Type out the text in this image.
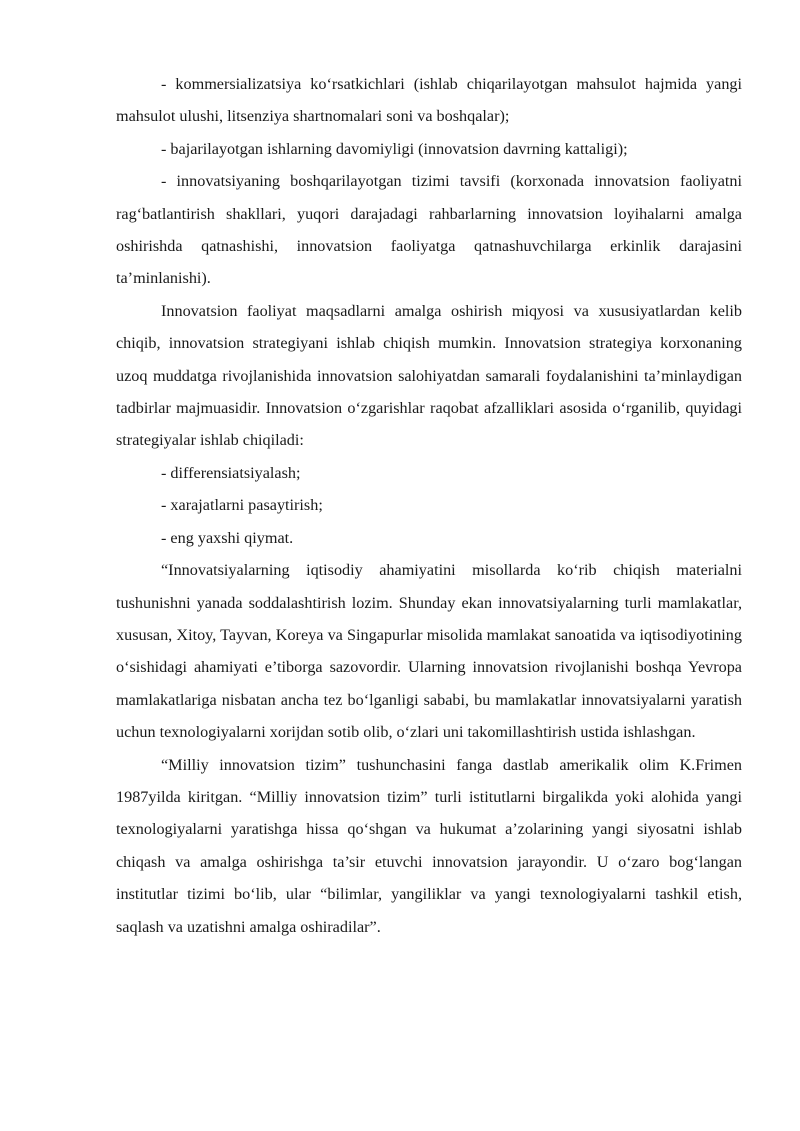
- kommersializatsiya ko‘rsatkichlari (ishlab chiqarilayotgan mahsulot hajmida yangi mahsulot ulushi, litsenziya shartnomalari soni va boshqalar);

- bajarilayotgan ishlarning davomiyligi (innovatsion davrning kattaligi);

- innovatsiyaning boshqarilayotgan tizimi tavsifi (korxonada innovatsion faoliyatni rag‘batlantirish shakllari, yuqori darajadagi rahbarlarning innovatsion loyihalarni amalga oshirishda qatnashishi, innovatsion faoliyatga qatnashuvchilarga erkinlik darajasini ta’minlanishi).

Innovatsion faoliyat maqsadlarni amalga oshirish miqyosi va xususiyatlardan kelib chiqib, innovatsion strategiyani ishlab chiqish mumkin. Innovatsion strategiya korxonaning uzoq muddatga rivojlanishida innovatsion salohiyatdan samarali foydalanishini ta’minlaydigan tadbirlar majmuasidir. Innovatsion o‘zgarishlar raqobat afzalliklari asosida o‘rganilib, quyidagi strategiyalar ishlab chiqiladi:

- differensiatsiyalash;

- xarajatlarni pasaytirish;

- eng yaxshi qiymat.

“Innovatsiyalarning iqtisodiy ahamiyatini misollarda ko‘rib chiqish materialni tushunishni yanada soddalashtirish lozim. Shunday ekan innovatsiyalarning turli mamlakatlar, xususan, Xitoy, Tayvan, Koreya va Singapurlar misolida mamlakat sanoatida va iqtisodiyotining o‘sishidagi ahamiyati e’tiborga sazovordir. Ularning innovatsion rivojlanishi boshqa Yevropa mamlakatlariga nisbatan ancha tez bo‘lganligi sababi, bu mamlakatlar innovatsiyalarni yaratish uchun texnologiyalarni xorijdan sotib olib, o‘zlari uni takomillashtirish ustida ishlashgan.

“Milliy innovatsion tizim” tushunchasini fanga dastlab amerikalik olim K.Frimen 1987yilda kiritgan. “Milliy innovatsion tizim” turli istitutlarni birgalikda yoki alohida yangi texnologiyalarni yaratishga hissa qo‘shgan va hukumat a’zolarining yangi siyosatni ishlab chiqash va amalga oshirishga ta’sir etuvchi innovatsion jarayondir. U o‘zaro bog‘langan institutlar tizimi bo‘lib, ular “bilimlar, yangiliklar va yangi texnologiyalarni tashkil etish, saqlash va uzatishni amalga oshiradilar”.
